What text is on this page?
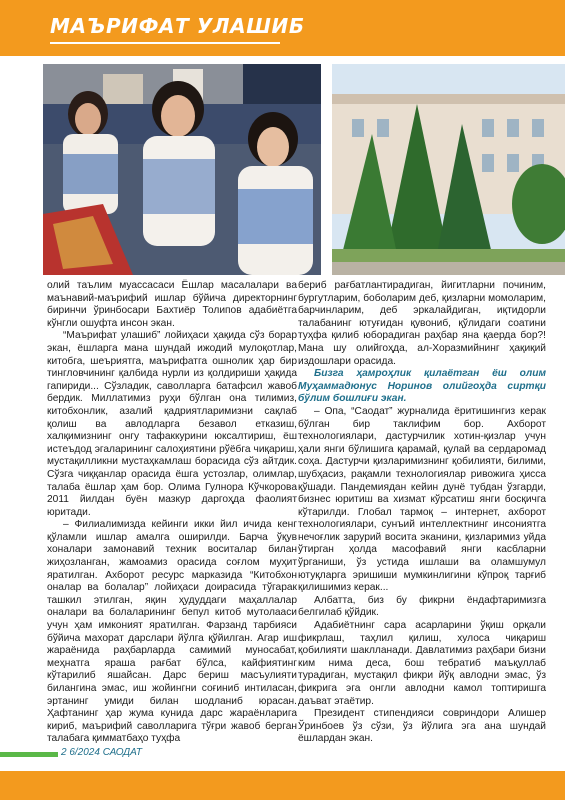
МАЪРИФАТ УЛАШИБ

олий таълим муассасаси Ёшлар масалалари ва маънавий-маърифий ишлар бўйича директорнинг биринчи ўринбосари Бахтиёр Толипов адабиётга кўнгли ошуфта инсон экан.

“Маърифат улашиб” лойиҳаси ҳақида сўз борар экан, ёшларга мана шундай ижодий мулоқотлар, китобга, шеъриятга, маърифатга ошнолик ҳар бир тингловчининг қалбида нурли из қолдириши ҳақида гапириди... Сўзладик, саволларга батафсил жавоб бердик. Миллатимиз руҳи бўлган она тилимиз, китобхонлик, азалий қадриятларимизни сақлаб қолиш ва авлодларга безавол етказиш, халқимизнинг онгу тафаккурини юксалтириш, ёш истеъдод эгаларининг салоҳиятини рўёбга чиқариш, мустақилликни мустаҳкамлаш борасида сўз айтдик. Сўзга чиққанлар орасида ёшга устозлар, олимлар, талаба ёшлар ҳам бор. Олима Гулнора Кўчкорова 2011 йилдан буён мазкур даргоҳда фаолият юритади.

– Филиалимизда кейинги икки йил ичида кенг қўламли ишлар амалга оширилди. Барча ўқув хоналари замонавий техник воситалар билан жиҳозланган, жамоамиз орасида соғлом муҳит яратилган. Ахборот ресурс марказида “Китобхон оналар ва болалар” лойиҳаси доирасида тўгарак ташкил этилган, яқин ҳудуддаги маҳаллалар оналари ва болаларининг бепул китоб мутолааси учун ҳам имконият яратилган. Фарзанд тарбияси бўйича махорат дарслари йўлга қўйилган. Агар иш жараёнида раҳбарларда самимий муносабат, меҳнатга яраша рағбат бўлса, кайфиятинг кўтарилиб яшайсан. Дарс бериш масъулияти билангина эмас, иш жойингни соғиниб интиласан, эртанинг умиди билан шодланиб юрасан. Ҳафтанинг ҳар жума кунида дарс жараёнларига кириб, маърифий саволларига тўғри жавоб берган талабага қимматбаҳо туҳфа

бериб рағбатлантирадиган, йигитларни починим, бургутларим, боболарим деб, қизларни момоларим, барчинларим, деб эркалайдиган, иқтидорли талабанинг ютуғидан қувониб, қўлидаги соатини туҳфа қилиб юборадиган раҳбар яна қаерда бор?! Мана шу олийгоҳда, ал-Хоразмийнинг ҳақиқий издошлари орасида.

Бизга ҳамроҳлик қилаётган ёш олим Муҳаммадюнус Норинов олийгоҳда сиртқи бўлим бошлиғи экан.

– Опа, “Саодат” журналида ёритишингиз керак бўлган бир таклифим бор. Ахборот технологиялари, дастурчилик хотин-қизлар учун ҳали янги бўлишига қарамай, қулай ва сердаромад соҳа. Дастурчи қизларимизнинг қобилияти, билими, шубҳасиз, рақамли технологиялар ривожига ҳисса қўшади. Пандемиядан кейин дунё тубдан ўзгарди, бизнес юритиш ва хизмат кўрсатиш янги босқичга кўтарилди. Глобал тармоқ – интернет, ахборот технологиялари, сунъий интеллектнинг инсониятга нечоғлик зарурий восита эканини, қизларимиз уйда ўтирган ҳолда масофавий янги касбларни ўрганиши, ўз устида ишлаши ва оламшумул ютуқларга эришиши мумкинлигини кўпроқ тарғиб қилишимиз керак...

Албатта, биз бу фикрни ёндафтаримизга белгилаб қўйдик.

Адабиётнинг сара асарларини ўқиш орқали фикрлаш, таҳлил қилиш, хулоса чиқариш қобилияти шаклланади. Давлатимиз раҳбари бизни ким нима деса, бош тебратиб маъқуллаб турадиган, мустақил фикри йўқ авлодни эмас, ўз фикрига эга онгли авлодни камол топтиришга даъват этаётир.

Президент стипендияси совриндори Алишер Ўринбоев ўз сўзи, ўз йўлига эга ана шундай ёшлардан экан.

2 6/2024 САОДАТ
